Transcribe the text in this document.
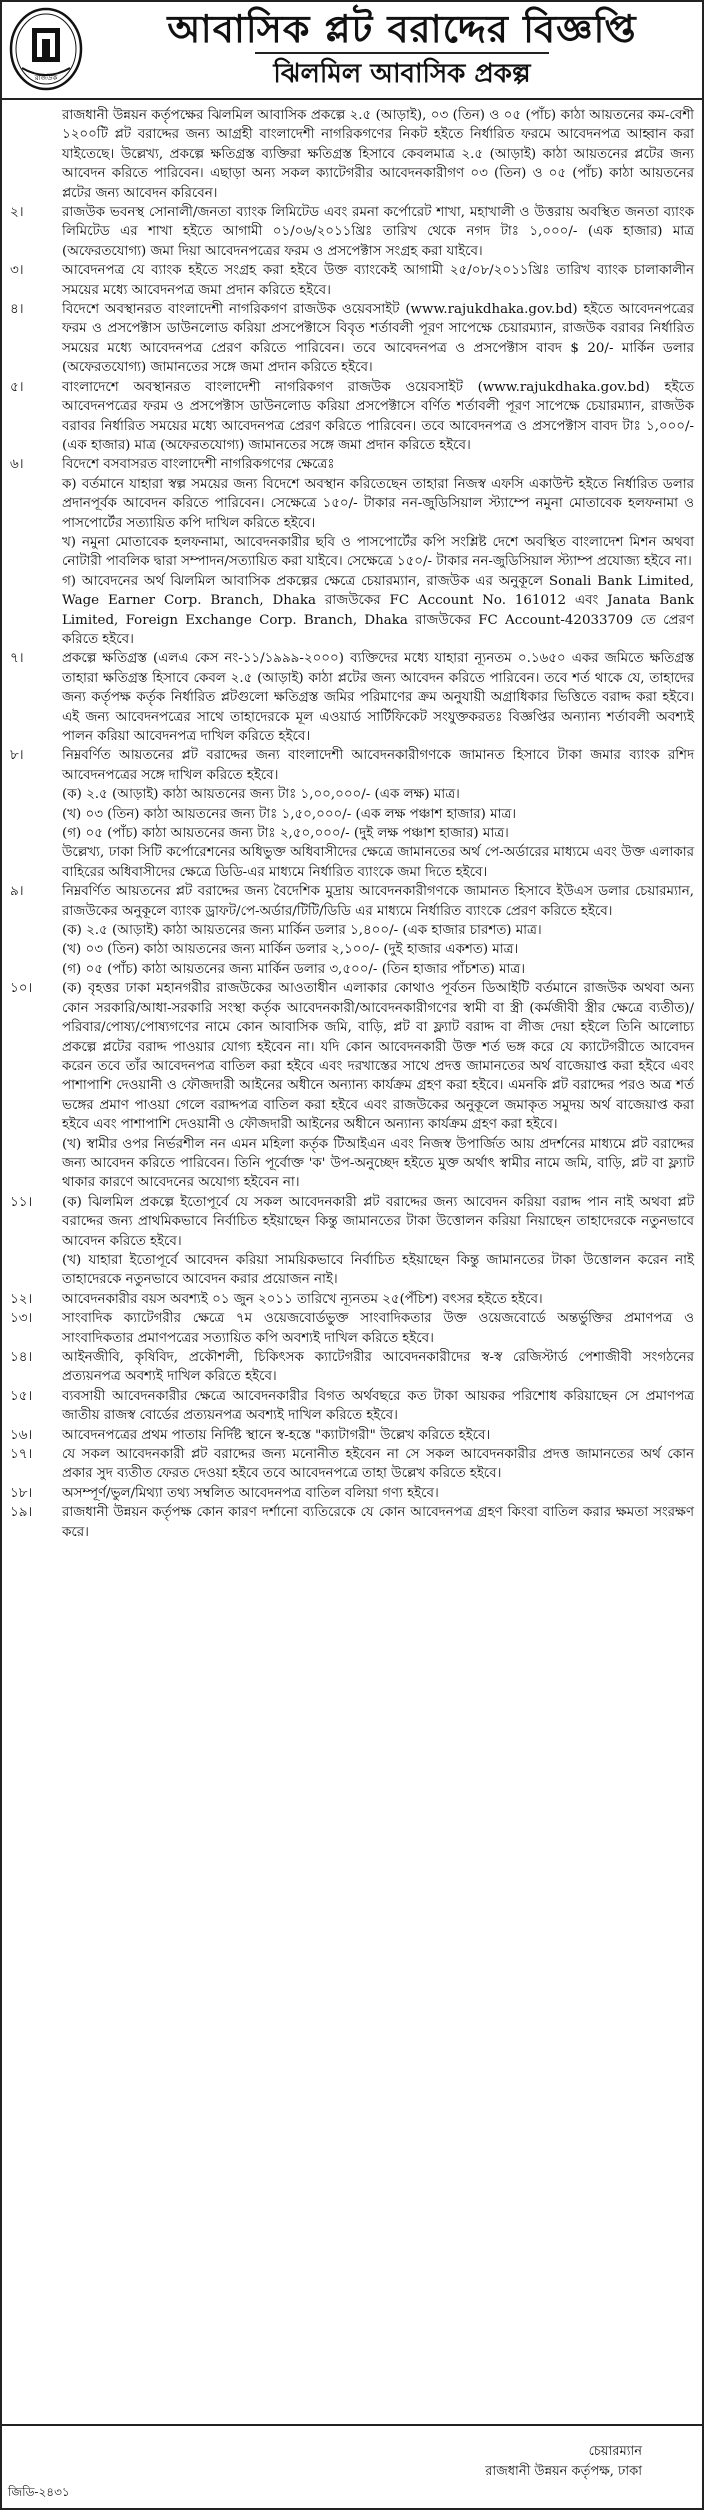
রাজউক
আবাসিক প্লট বরাদ্দের বিজ্ঞপ্তি
ঝিলমিল আবাসিক প্রকল্প

রাজধানী উন্নয়ন কর্তৃপক্ষের ঝিলমিল আবাসিক প্রকল্পে ২.৫ (আড়াই), ০৩ (তিন) ও ০৫ (পাঁচ) কাঠা আয়তনের কম-বেশী ১২০০টি প্লট বরাদ্দের জন্য আগ্রহী বাংলাদেশী নাগরিকগণের নিকট হইতে নির্ধারিত ফরমে আবেদনপত্র আহ্বান করা যাইতেছে। উল্লেখ্য, প্রকল্পে ক্ষতিগ্রস্ত ব্যক্তিরা ক্ষতিগ্রস্ত হিসাবে কেবলমাত্র ২.৫ (আড়াই) কাঠা আয়তনের প্লটের জন্য আবেদন করিতে পারিবেন। এছাড়া অন্য সকল ক্যাটেগরীর আবেদনকারীগণ ০৩ (তিন) ও ০৫ (পাঁচ) কাঠা আয়তনের প্লটের জন্য আবেদন করিবেন।

২।	রাজউক ভবনস্থ সোনালী/জনতা ব্যাংক লিমিটেড এবং রমনা কর্পোরেট শাখা, মহাখালী ও উত্তরায় অবস্থিত জনতা ব্যাংক লিমিটেড এর শাখা হইতে আগামী ০১/০৬/২০১১খ্রিঃ তারিখ থেকে নগদ টাঃ ১,০০০/- (এক হাজার) মাত্র (অফেরতযোগ্য) জমা দিয়া আবেদনপত্রের ফরম ও প্রসপেক্টাস সংগ্রহ করা যাইবে।

৩।	আবেদনপত্র যে ব্যাংক হইতে সংগ্রহ করা হইবে উক্ত ব্যাংকেই আগামী ২৫/০৮/২০১১খ্রিঃ তারিখ ব্যাংক চালাকালীন সময়ের মধ্যে আবেদনপত্র জমা প্রদান করিতে হইবে।

৪।	বিদেশে অবস্থানরত বাংলাদেশী নাগরিকগণ রাজউক ওয়েবসাইট (www.rajukdhaka.gov.bd) হইতে আবেদনপত্রের ফরম ও প্রসপেক্টাস ডাউনলোড করিয়া প্রসপেক্টাসে বিবৃত শর্তাবলী পূরণ সাপেক্ষে চেয়ারম্যান, রাজউক বরাবর নির্ধারিত সময়ের মধ্যে আবেদনপত্র প্রেরণ করিতে পারিবেন। তবে আবেদনপত্র ও প্রসপেক্টাস বাবদ $ 20/- মার্কিন ডলার (অফেরতযোগ্য) জামানতের সঙ্গে জমা প্রদান করিতে হইবে।

৫।	বাংলাদেশে অবস্থানরত বাংলাদেশী নাগরিকগণ রাজউক ওয়েবসাইট (www.rajukdhaka.gov.bd) হইতে আবেদনপত্রের ফরম ও প্রসপেক্টাস ডাউনলোড করিয়া প্রসপেক্টাসে বর্ণিত শর্তাবলী পূরণ সাপেক্ষে চেয়ারম্যান, রাজউক বরাবর নির্ধারিত সময়ের মধ্যে আবেদনপত্র প্রেরণ করিতে পারিবেন। তবে আবেদনপত্র ও প্রসপেক্টাস বাবদ টাঃ ১,০০০/- (এক হাজার) মাত্র (অফেরতযোগ্য) জামানতের সঙ্গে জমা প্রদান করিতে হইবে।

৬।	বিদেশে বসবাসরত বাংলাদেশী নাগরিকগণের ক্ষেত্রেঃ

ক) বর্তমানে যাহারা স্বল্প সময়ের জন্য বিদেশে অবস্থান করিতেছেন তাহারা নিজস্ব এফসি একাউন্ট হইতে নির্ধারিত ডলার প্রদানপূর্বক আবেদন করিতে পারিবেন। সেক্ষেত্রে ১৫০/- টাকার নন-জুডিসিয়াল স্ট্যাম্পে নমুনা মোতাবেক হলফনামা ও পাসপোর্টের সত্যায়িত কপি দাখিল করিতে হইবে।

খ) নমুনা মোতাবেক হলফনামা, আবেদনকারীর ছবি ও পাসপোর্টের কপি সংশ্লিষ্ট দেশে অবস্থিত বাংলাদেশ মিশন অথবা নোটারী পাবলিক দ্বারা সম্পাদন/সত্যায়িত করা যাইবে। সেক্ষেত্রে ১৫০/- টাকার নন-জুডিসিয়াল স্ট্যাম্প প্রযোজ্য হইবে না।

গ) আবেদনের অর্থ ঝিলমিল আবাসিক প্রকল্পের ক্ষেত্রে চেয়ারম্যান, রাজউক এর অনুকূলে Sonali Bank Limited, Wage Earner Corp. Branch, Dhaka রাজউকের FC Account No. 161012 এবং Janata Bank Limited, Foreign Exchange Corp. Branch, Dhaka রাজউকের FC Account-42033709 তে প্রেরণ করিতে হইবে।

৭।	প্রকল্পে ক্ষতিগ্রস্ত (এলএ কেস নং-১১/১৯৯৯-২০০০) ব্যক্তিদের মধ্যে যাহারা ন্যূনতম ০.১৬৫০ একর জমিতে ক্ষতিগ্রস্ত তাহারা ক্ষতিগ্রস্ত হিসাবে কেবল ২.৫ (আড়াই) কাঠা প্লটের জন্য আবেদন করিতে পারিবেন। তবে শর্ত থাকে যে, তাহাদের জন্য কর্তৃপক্ষ কর্তৃক নির্ধারিত প্লটগুলো ক্ষতিগ্রস্ত জমির পরিমাণের ক্রম অনুযায়ী অগ্রাধিকার ভিত্তিতে বরাদ্দ করা হইবে। এই জন্য আবেদনপত্রের সাথে তাহাদেরকে মূল এওয়ার্ড সার্টিফিকেট সংযুক্তকরতঃ বিজ্ঞপ্তির অন্যান্য শর্তাবলী অবশ্যই পালন করিয়া আবেদনপত্র দাখিল করিতে হইবে।

৮।	নিম্নবর্ণিত আয়তনের প্লট বরাদ্দের জন্য বাংলাদেশী আবেদনকারীগণকে জামানত হিসাবে টাকা জমার ব্যাংক রশিদ আবেদনপত্রের সঙ্গে দাখিল করিতে হইবে।

(ক) ২.৫ (আড়াই) কাঠা আয়তনের জন্য টাঃ ১,০০,০০০/- (এক লক্ষ) মাত্র।

(খ) ০৩ (তিন) কাঠা আয়তনের জন্য টাঃ ১,৫০,০০০/- (এক লক্ষ পঞ্চাশ হাজার) মাত্র।

(গ) ০৫ (পাঁচ) কাঠা আয়তনের জন্য টাঃ ২,৫০,০০০/- (দুই লক্ষ পঞ্চাশ হাজার) মাত্র।

উল্লেখ্য, ঢাকা সিটি কর্পোরেশনের অধিভুক্ত অধিবাসীদের ক্ষেত্রে জামানতের অর্থ পে-অর্ডারের মাধ্যমে এবং উক্ত এলাকার বাহিরের অধিবাসীদের ক্ষেত্রে ডিডি-এর মাধ্যমে নির্ধারিত ব্যাংকে জমা দিতে হইবে।

৯।	নিম্নবর্ণিত আয়তনের প্লট বরাদ্দের জন্য বৈদেশিক মুদ্রায় আবেদনকারীগণকে জামানত হিসাবে ইউএস ডলার চেয়ারম্যান, রাজউকের অনুকূলে ব্যাংক ড্রাফট/পে-অর্ডার/টিটি/ডিডি এর মাধ্যমে নির্ধারিত ব্যাংকে প্রেরণ করিতে হইবে।

(ক) ২.৫ (আড়াই) কাঠা আয়তনের জন্য মার্কিন ডলার ১,৪০০/- (এক হাজার চারশত) মাত্র।

(খ) ০৩ (তিন) কাঠা আয়তনের জন্য মার্কিন ডলার ২,১০০/- (দুই হাজার একশত) মাত্র।

(গ) ০৫ (পাঁচ) কাঠা আয়তনের জন্য মার্কিন ডলার ৩,৫০০/- (তিন হাজার পাঁচশত) মাত্র।

১০।	(ক) বৃহত্তর ঢাকা মহানগরীর রাজউকের আওতাধীন এলাকার কোথাও পূর্বতন ডিআইটি বর্তমানে রাজউক অথবা অন্য কোন সরকারি/আধা-সরকারি সংস্থা কর্তৃক আবেদনকারী/আবেদনকারীগণের স্বামী বা স্ত্রী (কর্মজীবী স্ত্রীর ক্ষেত্রে ব্যতীত)/পরিবার/পোষ্য/পোষ্যগণের নামে কোন আবাসিক জমি, বাড়ি, প্লট বা ফ্ল্যাট বরাদ্দ বা লীজ দেয়া হইলে তিনি আলোচ্য প্রকল্পে প্লটের বরাদ্দ পাওয়ার যোগ্য হইবেন না। যদি কোন আবেদনকারী উক্ত শর্ত ভঙ্গ করে যে ক্যাটেগরীতে আবেদন করেন তবে তাঁর আবেদনপত্র বাতিল করা হইবে এবং দরখাস্তের সাথে প্রদত্ত জামানতের অর্থ বাজেয়াপ্ত করা হইবে এবং পাশাপাশি দেওয়ানী ও ফৌজদারী আইনের অধীনে অন্যান্য কার্যক্রম গ্রহণ করা হইবে। এমনকি প্লট বরাদ্দের পরও অত্র শর্ত ভঙ্গের প্রমাণ পাওয়া গেলে বরাদ্দপত্র বাতিল করা হইবে এবং রাজউকের অনুকূলে জমাকৃত সমুদয় অর্থ বাজেয়াপ্ত করা হইবে এবং পাশাপাশি দেওয়ানী ও ফৌজদারী আইনের অধীনে অন্যান্য কার্যক্রম গ্রহণ করা হইবে।

(খ) স্বামীর ওপর নির্ভরশীল নন এমন মহিলা কর্তৃক টিআইএন এবং নিজস্ব উপার্জিত আয় প্রদর্শনের মাধ্যমে প্লট বরাদ্দের জন্য আবেদন করিতে পারিবেন। তিনি পূর্বোক্ত 'ক' উপ-অনুচ্ছেদ হইতে মুক্ত অর্থাৎ স্বামীর নামে জমি, বাড়ি, প্লট বা ফ্ল্যাট থাকার কারণে আবেদনের অযোগ্য হইবেন না।

১১।	(ক) ঝিলমিল প্রকল্পে ইতোপূর্বে যে সকল আবেদনকারী প্লট বরাদ্দের জন্য আবেদন করিয়া বরাদ্দ পান নাই অথবা প্লট বরাদ্দের জন্য প্রাথমিকভাবে নির্বাচিত হইয়াছেন কিন্তু জামানতের টাকা উত্তোলন করিয়া নিয়াছেন তাহাদেরকে নতুনভাবে আবেদন করিতে হইবে।

(খ) যাহারা ইতোপূর্বে আবেদন করিয়া সাময়িকভাবে নির্বাচিত হইয়াছেন কিন্তু জামানতের টাকা উত্তোলন করেন নাই তাহাদেরকে নতুনভাবে আবেদন করার প্রয়োজন নাই।

১২।	আবেদনকারীর বয়স অবশ্যই ০১ জুন ২০১১ তারিখে ন্যূনতম ২৫(পঁচিশ) বৎসর হইতে হইবে।

১৩।	সাংবাদিক ক্যাটেগরীর ক্ষেত্রে ৭ম ওয়েজবোর্ডভুক্ত সাংবাদিকতার উক্ত ওয়েজবোর্ডে অন্তর্ভুক্তির প্রমাণপত্র ও সাংবাদিকতার প্রমাণপত্রের সত্যায়িত কপি অবশ্যই দাখিল করিতে হইবে।

১৪।	আইনজীবি, কৃষিবিদ, প্রকৌশলী, চিকিৎসক ক্যাটেগরীর আবেদনকারীদের স্ব-স্ব রেজিস্টার্ড পেশাজীবী সংগঠনের প্রত্যয়নপত্র অবশ্যই দাখিল করিতে হইবে।

১৫।	ব্যবসায়ী আবেদনকারীর ক্ষেত্রে আবেদনকারীর বিগত অর্থবছরে কত টাকা আয়কর পরিশোধ করিয়াছেন সে প্রমাণপত্র জাতীয় রাজস্ব বোর্ডের প্রত্যয়নপত্র অবশ্যই দাখিল করিতে হইবে।

১৬।	আবেদনপত্রের প্রথম পাতায় নির্দিষ্ট স্থানে স্ব-হস্তে "ক্যাটাগরী" উল্লেখ করিতে হইবে।

১৭।	যে সকল আবেদনকারী প্লট বরাদ্দের জন্য মনোনীত হইবেন না সে সকল আবেদনকারীর প্রদত্ত জামানতের অর্থ কোন প্রকার সুদ ব্যতীত ফেরত দেওয়া হইবে তবে আবেদনপত্রে তাহা উল্লেখ করিতে হইবে।

১৮।	অসম্পূর্ণ/ভুল/মিথ্যা তথ্য সম্বলিত আবেদনপত্র বাতিল বলিয়া গণ্য হইবে।

১৯।	রাজধানী উন্নয়ন কর্তৃপক্ষ কোন কারণ দর্শানো ব্যতিরেকে যে কোন আবেদনপত্র গ্রহণ কিংবা বাতিল করার ক্ষমতা সংরক্ষণ করে।

চেয়ারম্যান
রাজধানী উন্নয়ন কর্তৃপক্ষ, ঢাকা
জিডি-২৪৩১
